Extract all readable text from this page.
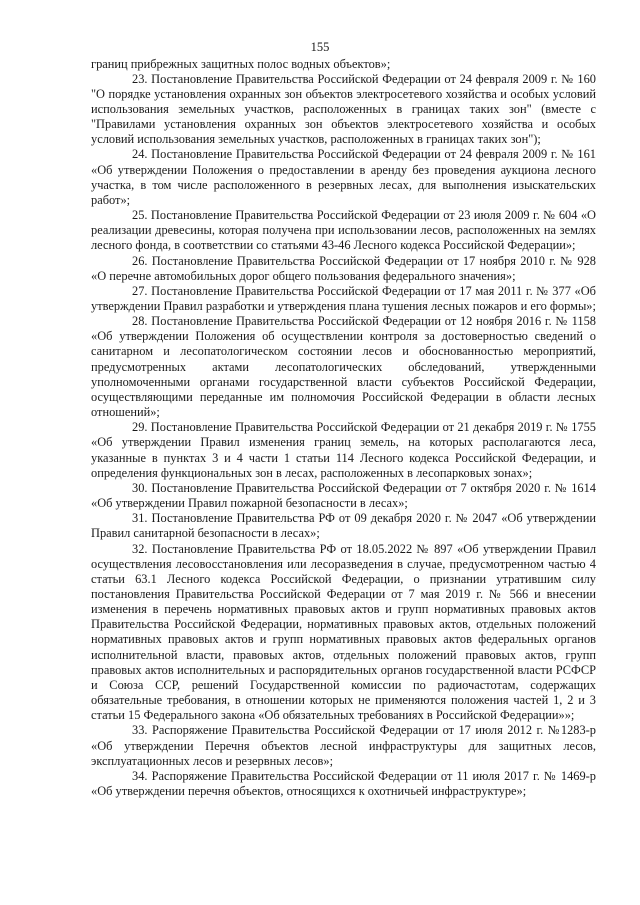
155

границ прибрежных защитных полос водных объектов»;

23. Постановление Правительства Российской Федерации от 24 февраля 2009 г. № 160 "О порядке установления охранных зон объектов электросетевого хозяйства и особых условий использования земельных участков, расположенных в границах таких зон" (вместе с "Правилами установления охранных зон объектов электросетевого хозяйства и особых условий использования земельных участков, расположенных в границах таких зон");

24. Постановление Правительства Российской Федерации от 24 февраля 2009 г. № 161 «Об утверждении Положения о предоставлении в аренду без проведения аукциона лесного участка, в том числе расположенного в резервных лесах, для выполнения изыскательских работ»;

25. Постановление Правительства Российской Федерации от 23 июля 2009 г. № 604 «О реализации древесины, которая получена при использовании лесов, расположенных на землях лесного фонда, в соответствии со статьями 43-46 Лесного кодекса Российской Федерации»;

26. Постановление Правительства Российской Федерации от 17 ноября 2010 г. № 928 «О перечне автомобильных дорог общего пользования федерального значения»;

27. Постановление Правительства Российской Федерации от 17 мая 2011 г. № 377 «Об утверждении Правил разработки и утверждения плана тушения лесных пожаров и его формы»;

28. Постановление Правительства Российской Федерации от 12 ноября 2016 г. № 1158 «Об утверждении Положения об осуществлении контроля за достоверностью сведений о санитарном и лесопатологическом состоянии лесов и обоснованностью мероприятий, предусмотренных актами лесопатологических обследований, утвержденными уполномоченными органами государственной власти субъектов Российской Федерации, осуществляющими переданные им полномочия Российской Федерации в области лесных отношений»;

29. Постановление Правительства Российской Федерации от 21 декабря 2019 г. № 1755 «Об утверждении Правил изменения границ земель, на которых располагаются леса, указанные в пунктах 3 и 4 части 1 статьи 114 Лесного кодекса Российской Федерации, и определения функциональных зон в лесах, расположенных в лесопарковых зонах»;

30. Постановление Правительства Российской Федерации от 7 октября 2020 г. № 1614 «Об утверждении Правил пожарной безопасности в лесах»;

31. Постановление Правительства РФ от 09 декабря 2020 г. № 2047 «Об утверждении Правил санитарной безопасности в лесах»;

32. Постановление Правительства РФ от 18.05.2022 № 897 «Об утверждении Правил осуществления лесовосстановления или лесоразведения в случае, предусмотренном частью 4 статьи 63.1 Лесного кодекса Российской Федерации, о признании утратившим силу постановления Правительства Российской Федерации от 7 мая 2019 г. № 566 и внесении изменения в перечень нормативных правовых актов и групп нормативных правовых актов Правительства Российской Федерации, нормативных правовых актов, отдельных положений нормативных правовых актов и групп нормативных правовых актов федеральных органов исполнительной власти, правовых актов, отдельных положений правовых актов, групп правовых актов исполнительных и распорядительных органов государственной власти РСФСР и Союза ССР, решений Государственной комиссии по радиочастотам, содержащих обязательные требования, в отношении которых не применяются положения частей 1, 2 и 3 статьи 15 Федерального закона «Об обязательных требованиях в Российской Федерации»»;

33. Распоряжение Правительства Российской Федерации от 17 июля 2012 г. №1283-р «Об утверждении Перечня объектов лесной инфраструктуры для защитных лесов, эксплуатационных лесов и резервных лесов»;

34. Распоряжение Правительства Российской Федерации от 11 июля 2017 г. № 1469-р «Об утверждении перечня объектов, относящихся к охотничьей инфраструктуре»;
